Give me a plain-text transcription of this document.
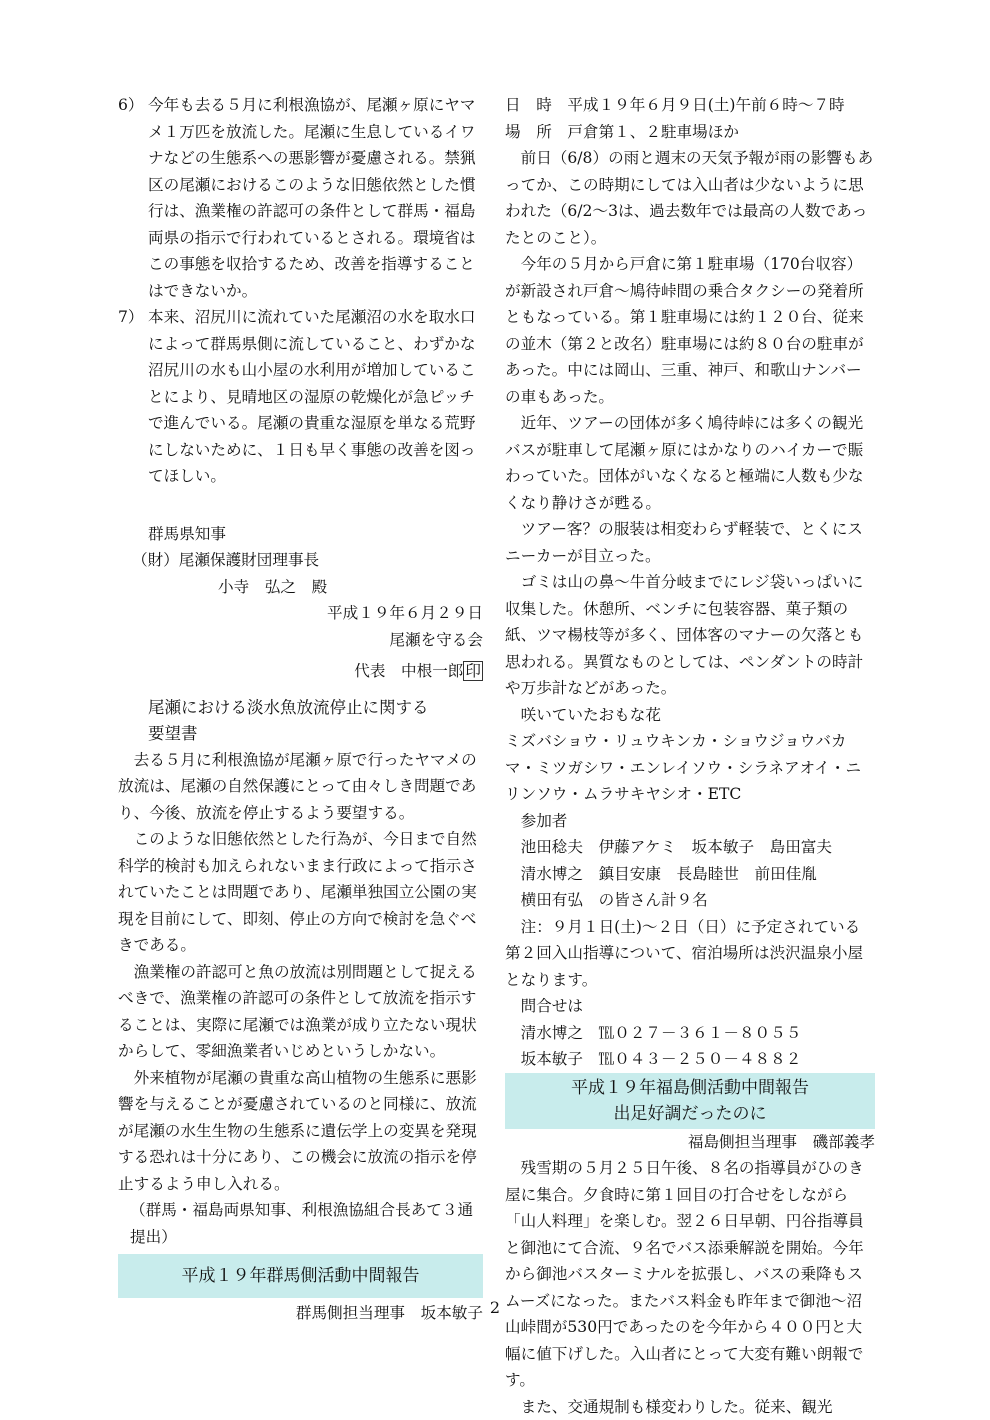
6） 今年も去る５月に利根漁協が、尾瀬ヶ原にヤマメ１万匹を放流した。尾瀬に生息しているイワナなどの生態系への悪影響が憂慮される。禁猟区の尾瀬におけるこのような旧態依然とした慣行は、漁業権の許認可の条件として群馬・福島両県の指示で行われているとされる。環境省はこの事態を収拾するため、改善を指導することはできないか。

7） 本来、沼尻川に流れていた尾瀬沼の水を取水口によって群馬県側に流していること、わずかな沼尻川の水も山小屋の水利用が増加していることにより、見晴地区の湿原の乾燥化が急ピッチで進んでいる。尾瀬の貴重な湿原を単なる荒野にしないために、１日も早く事態の改善を図ってほしい。

群馬県知事

（財）尾瀬保護財団理事長

小寺　弘之　殿

平成１９年６月２９日

尾瀬を守る会

代表　中根一郎 印

尾瀬における淡水魚放流停止に関する

要望書

去る５月に利根漁協が尾瀬ヶ原で行ったヤマメの放流は、尾瀬の自然保護にとって由々しき問題であり、今後、放流を停止するよう要望する。

このような旧態依然とした行為が、今日まで自然科学的検討も加えられないまま行政によって指示されていたことは問題であり、尾瀬単独国立公園の実現を目前にして、即刻、停止の方向で検討を急ぐべきである。

漁業権の許認可と魚の放流は別問題として捉えるべきで、漁業権の許認可の条件として放流を指示することは、実際に尾瀬では漁業が成り立たない現状からして、零細漁業者いじめというしかない。

外来植物が尾瀬の貴重な高山植物の生態系に悪影響を与えることが憂慮されているのと同様に、放流が尾瀬の水生生物の生態系に遺伝学上の変異を発現する恐れは十分にあり、この機会に放流の指示を停止するよう申し入れる。

（群馬・福島両県知事、利根漁協組合長あて３通提出）

平成１９年群馬側活動中間報告

群馬側担当理事　坂本敏子

日　時　平成１９年６月９日(土)午前６時～７時

場　所　戸倉第１、２駐車場ほか

前日（6/8）の雨と週末の天気予報が雨の影響もあってか、この時期にしては入山者は少ないように思われた（6/2～3は、過去数年では最高の人数であったとのこと）。

今年の５月から戸倉に第１駐車場（170台収容）が新設され戸倉～鳩待峠間の乗合タクシーの発着所ともなっている。第１駐車場には約１２０台、従来の並木（第２と改名）駐車場には約８０台の駐車があった。中には岡山、三重、神戸、和歌山ナンバーの車もあった。

近年、ツアーの団体が多く鳩待峠には多くの観光バスが駐車して尾瀬ヶ原にはかなりのハイカーで賑わっていた。団体がいなくなると極端に人数も少なくなり静けさが甦る。

ツアー客？の服装は相変わらず軽装で、とくにスニーカーが目立った。

ゴミは山の鼻～牛首分岐までにレジ袋いっぱいに収集した。休憩所、ベンチに包装容器、菓子類の紙、ツマ楊枝等が多く、団体客のマナーの欠落とも思われる。異質なものとしては、ペンダントの時計や万歩計などがあった。

咲いていたおもな花

ミズバショウ・リュウキンカ・ショウジョウバカマ・ミツガシワ・エンレイソウ・シラネアオイ・ニリンソウ・ムラサキヤシオ・ETC

参加者

池田稔夫　伊藤アケミ　坂本敏子　島田富夫

清水博之　鎮目安康　長島睦世　前田佳胤

横田有弘　の皆さん計９名

注：９月１日(土)～２日（日）に予定されている第２回入山指導について、宿泊場所は渋沢温泉小屋となります。

問合せは

清水博之　 ℡０２７－３６１－８０５５

坂本敏子　 ℡０４３－２５０－４８８２

平成１９年福島側活動中間報告
出足好調だったのに

福島側担当理事　磯部義孝

残雪期の５月２５日午後、８名の指導員がひのき屋に集合。夕食時に第１回目の打合せをしながら「山人料理」を楽しむ。翌２６日早朝、円谷指導員と御池にて合流、９名でバス添乗解説を開始。今年から御池バスターミナルを拡張し、バスの乗降もスムーズになった。またバス料金も昨年まで御池～沼山峠間が530円であったのを今年から４００円と大幅に値下げした。入山者にとって大変有難い朗報です。

また、交通規制も様変わりした。従来、観光

2
